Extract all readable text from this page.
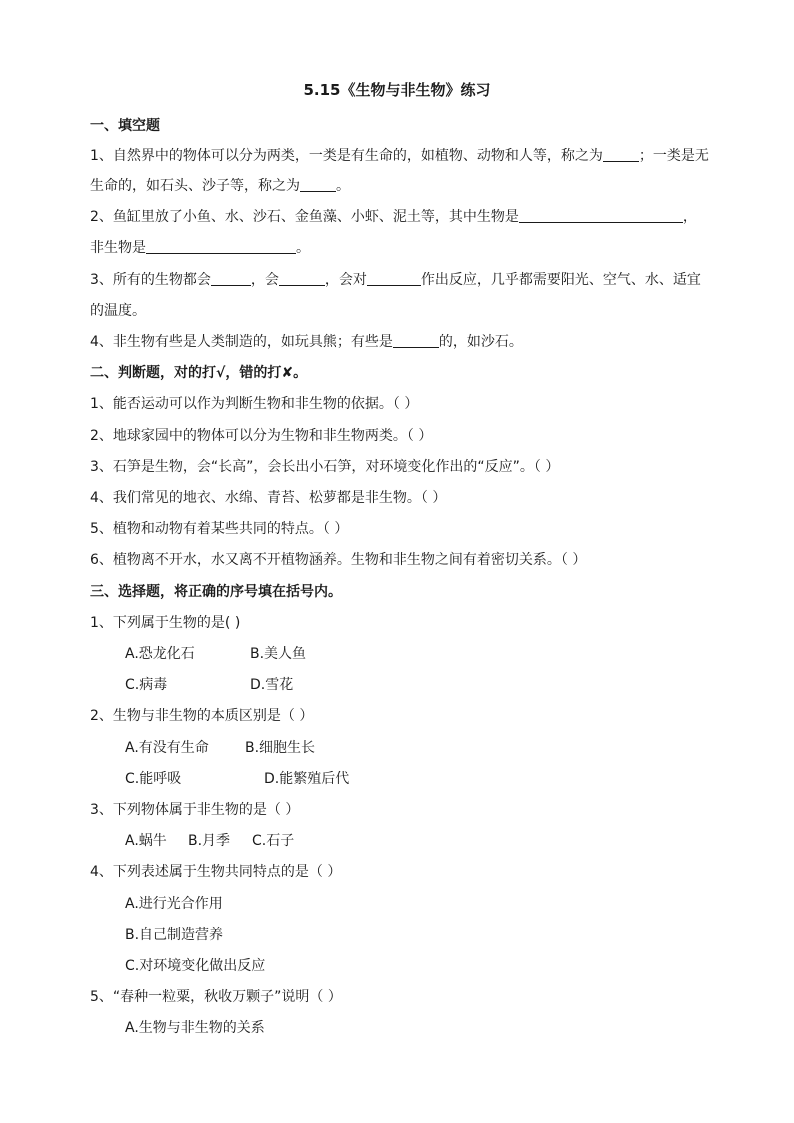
5.15《生物与非生物》练习
一、填空题
1、自然界中的物体可以分为两类，一类是有生命的，如植物、动物和人等，称之为	；一类是无
生命的，如石头、沙子等，称之为	。
2、鱼缸里放了小鱼、水、沙石、金鱼藻、小虾、泥土等，其中生物是	，
非生物是	。
3、所有的生物都会	，会	，会对	作出反应，几乎都需要阳光、空气、水、适宜
的温度。
4、非生物有些是人类制造的，如玩具熊；有些是	的，如沙石。
二、判断题，对的打√，错的打✘。
1、能否运动可以作为判断生物和非生物的依据。（ ）
2、地球家园中的物体可以分为生物和非生物两类。（ ）
3、石笋是生物，会“长高”，会长出小石笋，对环境变化作出的“反应”。（ ）
4、我们常见的地衣、水绵、青苔、松萝都是非生物。（ ）
5、植物和动物有着某些共同的特点。（ ）
6、植物离不开水，水又离不开植物涵养。生物和非生物之间有着密切关系。（ ）
三、选择题，将正确的序号填在括号内。
1、下列属于生物的是( )
A.恐龙化石	B.美人鱼
C.病毒	D.雪花
2、生物与非生物的本质区别是（ ）
A.有没有生命	B.细胞生长
C.能呼吸	D.能繁殖后代
3、下列物体属于非生物的是（ ）
A.蜗牛 B.月季 C.石子
4、下列表述属于生物共同特点的是（ ）
A.进行光合作用
B.自己制造营养
C.对环境变化做出反应
5、“春种一粒粟，秋收万颗子”说明（ ）
A.生物与非生物的关系
